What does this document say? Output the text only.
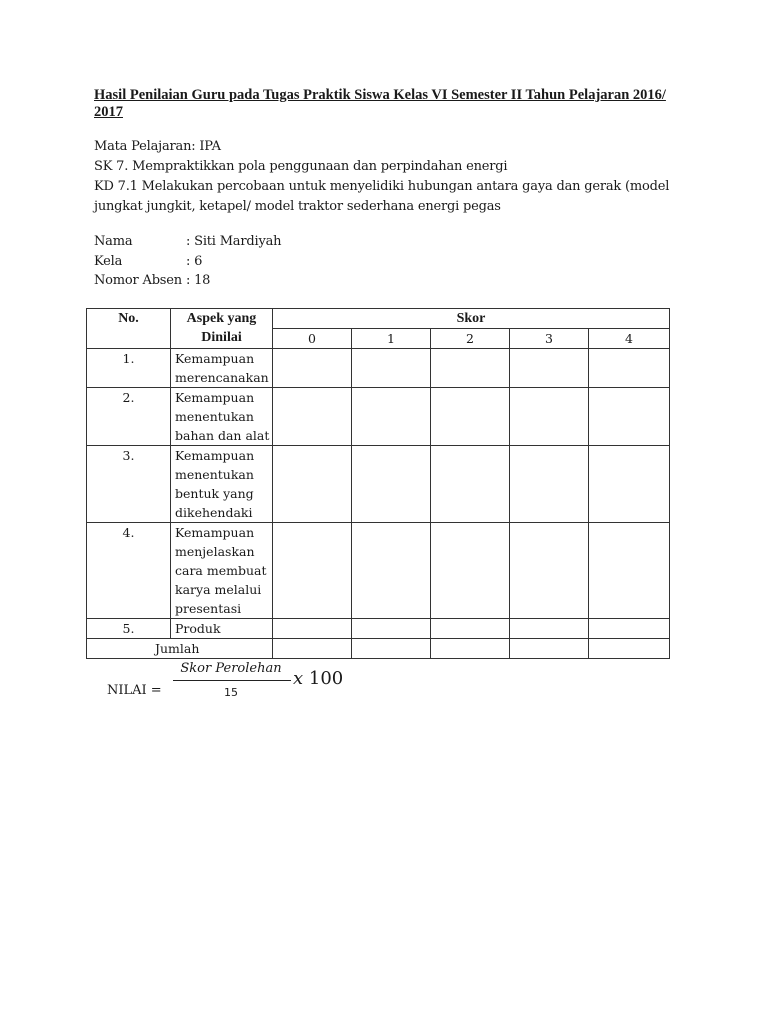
Hasil Penilaian Guru pada Tugas Praktik Siswa Kelas VI Semester II Tahun Pelajaran 2016/ 2017
Mata Pelajaran: IPA
SK 7. Mempraktikkan pola penggunaan dan perpindahan energi
KD 7.1 Melakukan percobaan untuk menyelidiki hubungan antara gaya dan gerak (model jungkat jungkit, ketapel/ model traktor sederhana energi pegas
Nama	: Siti Mardiyah
Kela	: 6
Nomor Absen : 18
No.	Aspek yang Dinilai	Skor				
		0	1	2	3	4
1.	Kemampuan merencanakan					
2.	Kemampuan menentukan bahan dan alat					
3.	Kemampuan menentukan bentuk yang dikehendaki					
4.	Kemampuan menjelaskan cara membuat karya melalui presentasi					
5.	Produk					
Jumlah						
NILAI =
Skor Perolehan
15
x 100
